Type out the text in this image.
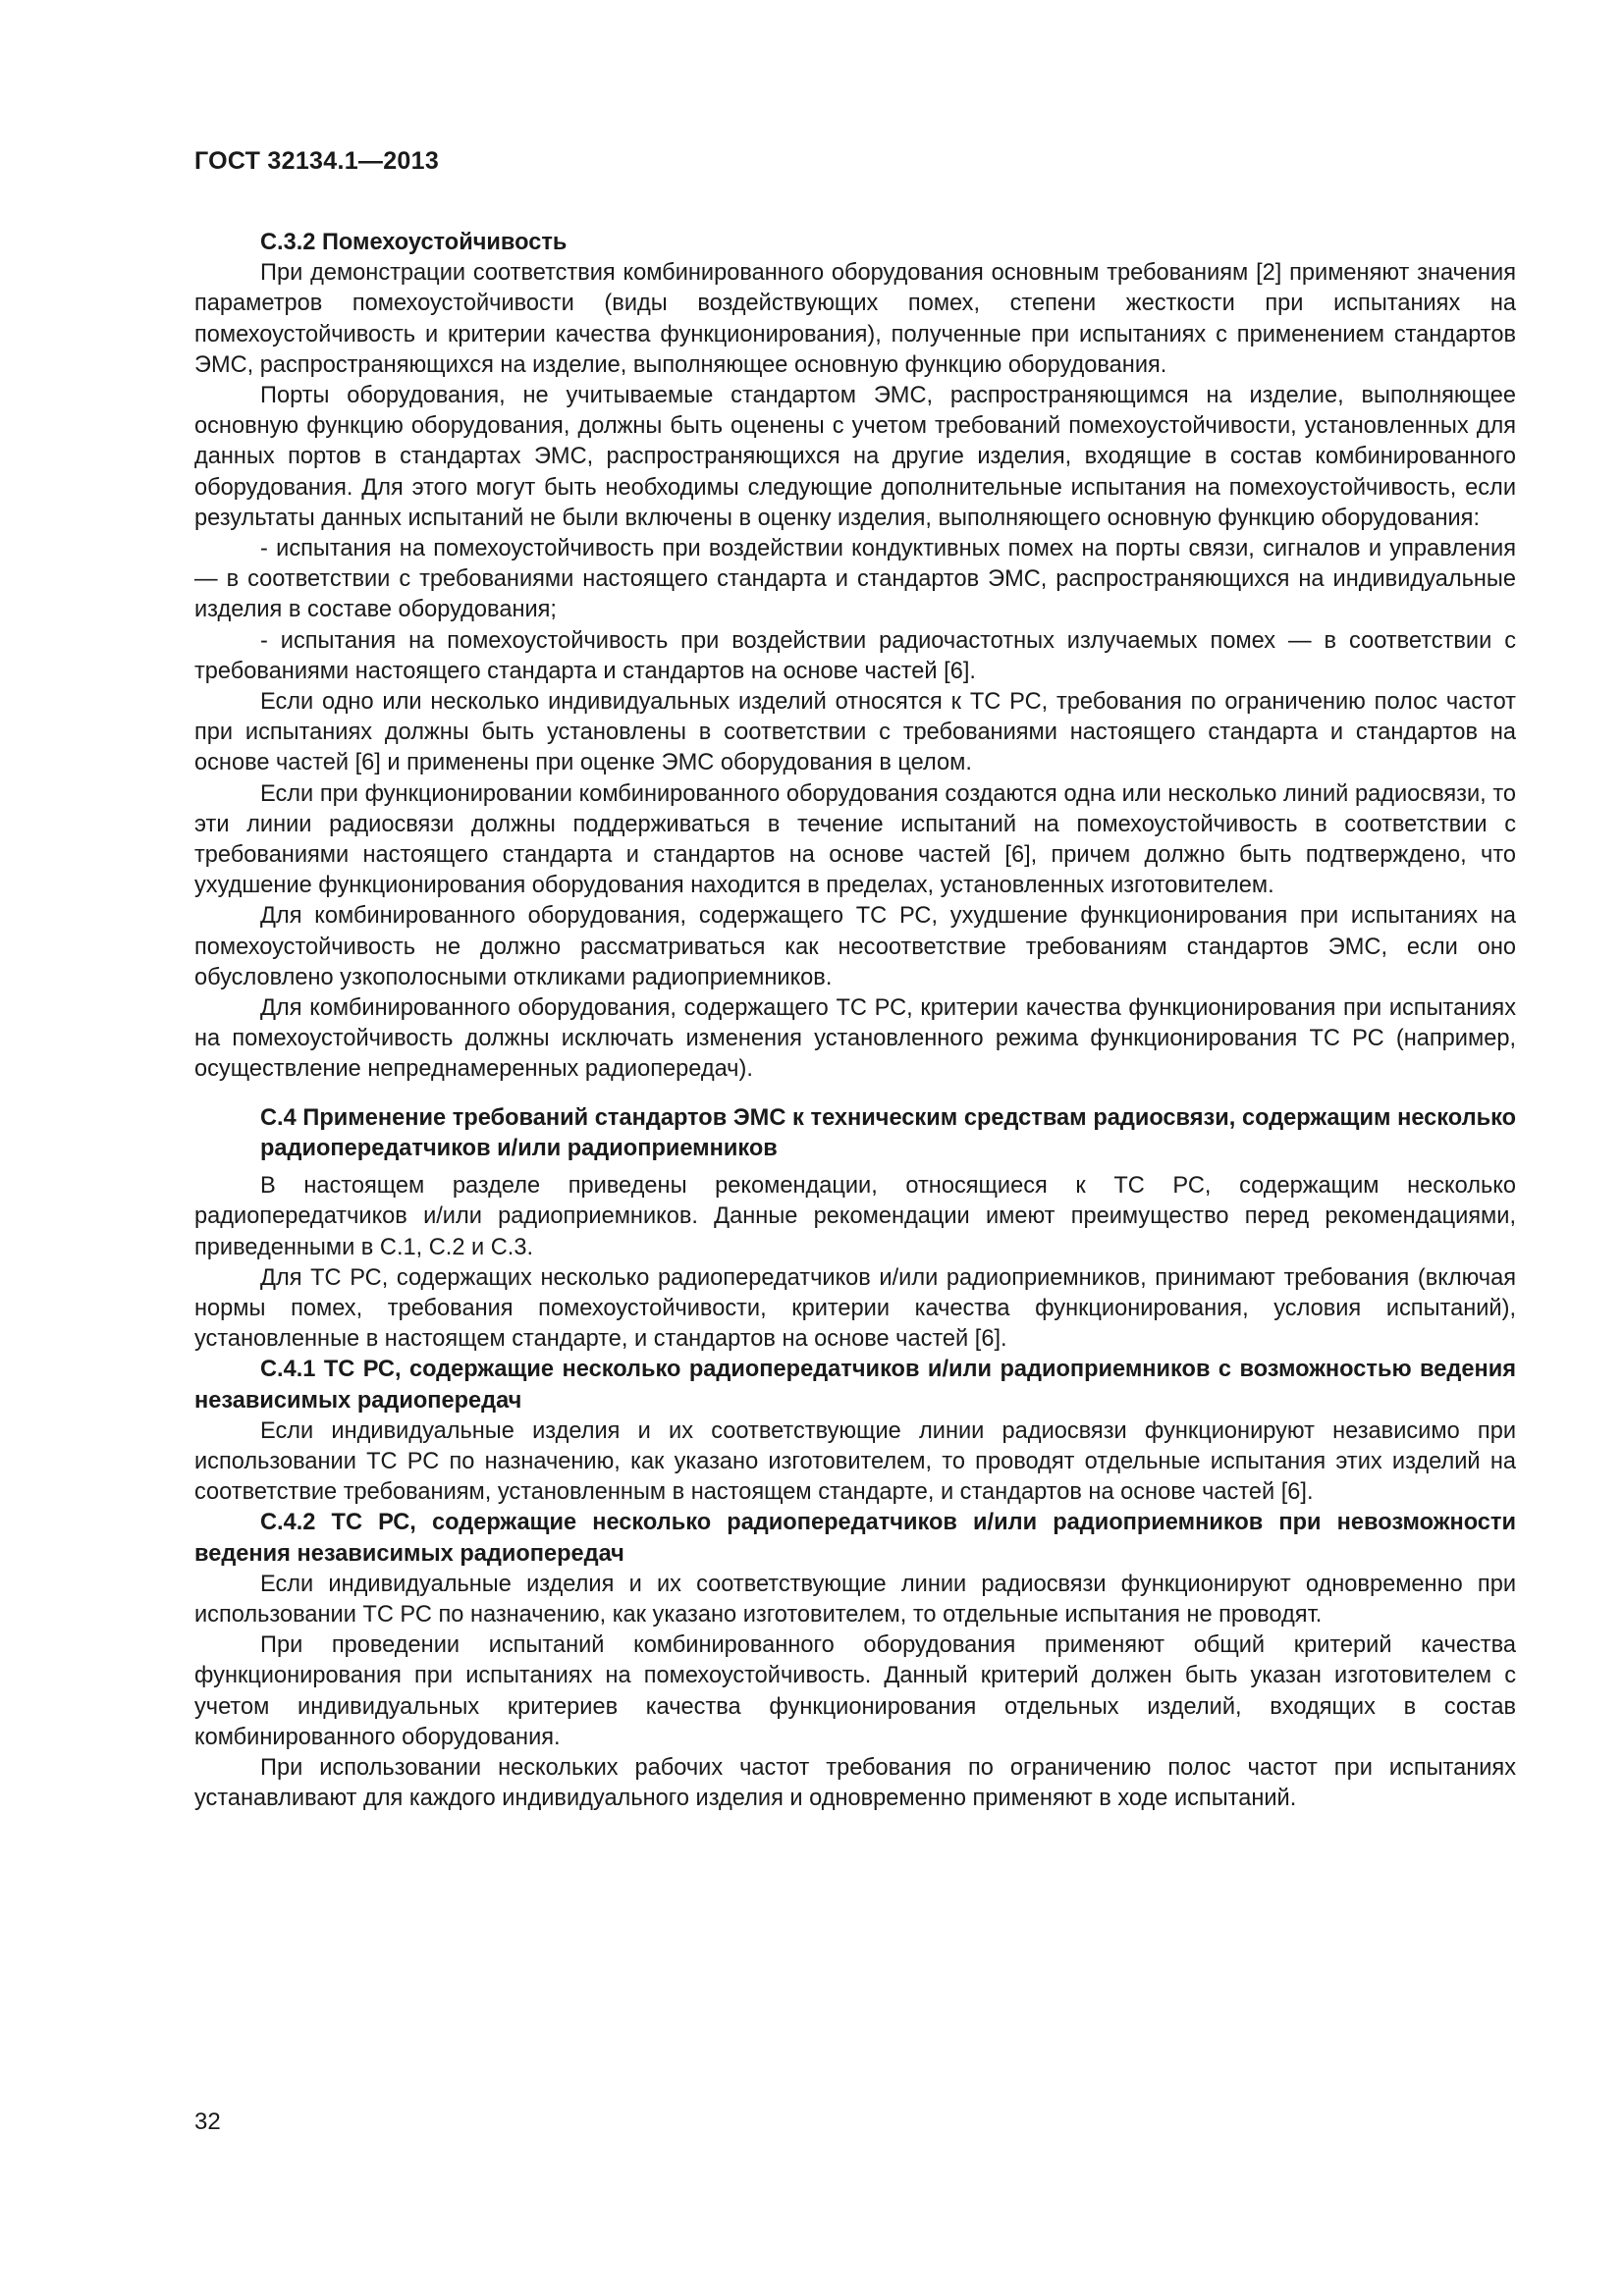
ГОСТ 32134.1—2013
С.3.2 Помехоустойчивость

При демонстрации соответствия комбинированного оборудования основным требованиям [2] применяют значения параметров помехоустойчивости (виды воздействующих помех, степени жесткости при испытаниях на помехоустойчивость и критерии качества функционирования), полученные при испытаниях с применением стандартов ЭМС, распространяющихся на изделие, выполняющее основную функцию оборудования.

Порты оборудования, не учитываемые стандартом ЭМС, распространяющимся на изделие, выполняющее основную функцию оборудования, должны быть оценены с учетом требований помехоустойчивости, установленных для данных портов в стандартах ЭМС, распространяющихся на другие изделия, входящие в состав комбинированного оборудования. Для этого могут быть необходимы следующие дополнительные испытания на помехоустойчивость, если результаты данных испытаний не были включены в оценку изделия, выполняющего основную функцию оборудования:

- испытания на помехоустойчивость при воздействии кондуктивных помех на порты связи, сигналов и управления — в соответствии с требованиями настоящего стандарта и стандартов ЭМС, распространяющихся на индивидуальные изделия в составе оборудования;

- испытания на помехоустойчивость при воздействии радиочастотных излучаемых помех — в соответствии с требованиями настоящего стандарта и стандартов на основе частей [6].

Если одно или несколько индивидуальных изделий относятся к ТС РС, требования по ограничению полос частот при испытаниях должны быть установлены в соответствии с требованиями настоящего стандарта и стандартов на основе частей [6] и применены при оценке ЭМС оборудования в целом.

Если при функционировании комбинированного оборудования создаются одна или несколько линий радиосвязи, то эти линии радиосвязи должны поддерживаться в течение испытаний на помехоустойчивость в соответствии с требованиями настоящего стандарта и стандартов на основе частей [6], причем должно быть подтверждено, что ухудшение функционирования оборудования находится в пределах, установленных изготовителем.

Для комбинированного оборудования, содержащего ТС РС, ухудшение функционирования при испытаниях на помехоустойчивость не должно рассматриваться как несоответствие требованиям стандартов ЭМС, если оно обусловлено узкополосными откликами радиоприемников.

Для комбинированного оборудования, содержащего ТС РС, критерии качества функционирования при испытаниях на помехоустойчивость должны исключать изменения установленного режима функционирования ТС РС (например, осуществление непреднамеренных радиопередач).

С.4 Применение требований стандартов ЭМС к техническим средствам радиосвязи, содержащим несколько радиопередатчиков и/или радиоприемников

В настоящем разделе приведены рекомендации, относящиеся к ТС РС, содержащим несколько радиопередатчиков и/или радиоприемников. Данные рекомендации имеют преимущество перед рекомендациями, приведенными в С.1, С.2 и С.3.

Для ТС РС, содержащих несколько радиопередатчиков и/или радиоприемников, принимают требования (включая нормы помех, требования помехоустойчивости, критерии качества функционирования, условия испытаний), установленные в настоящем стандарте, и стандартов на основе частей [6].

С.4.1 ТС РС, содержащие несколько радиопередатчиков и/или радиоприемников с возможностью ведения независимых радиопередач

Если индивидуальные изделия и их соответствующие линии радиосвязи функционируют независимо при использовании ТС РС по назначению, как указано изготовителем, то проводят отдельные испытания этих изделий на соответствие требованиям, установленным в настоящем стандарте, и стандартов на основе частей [6].

С.4.2 ТС РС, содержащие несколько радиопередатчиков и/или радиоприемников при невозможности ведения независимых радиопередач

Если индивидуальные изделия и их соответствующие линии радиосвязи функционируют одновременно при использовании ТС РС по назначению, как указано изготовителем, то отдельные испытания не проводят.

При проведении испытаний комбинированного оборудования применяют общий критерий качества функционирования при испытаниях на помехоустойчивость. Данный критерий должен быть указан изготовителем с учетом индивидуальных критериев качества функционирования отдельных изделий, входящих в состав комбинированного оборудования.

При использовании нескольких рабочих частот требования по ограничению полос частот при испытаниях устанавливают для каждого индивидуального изделия и одновременно применяют в ходе испытаний.

32
